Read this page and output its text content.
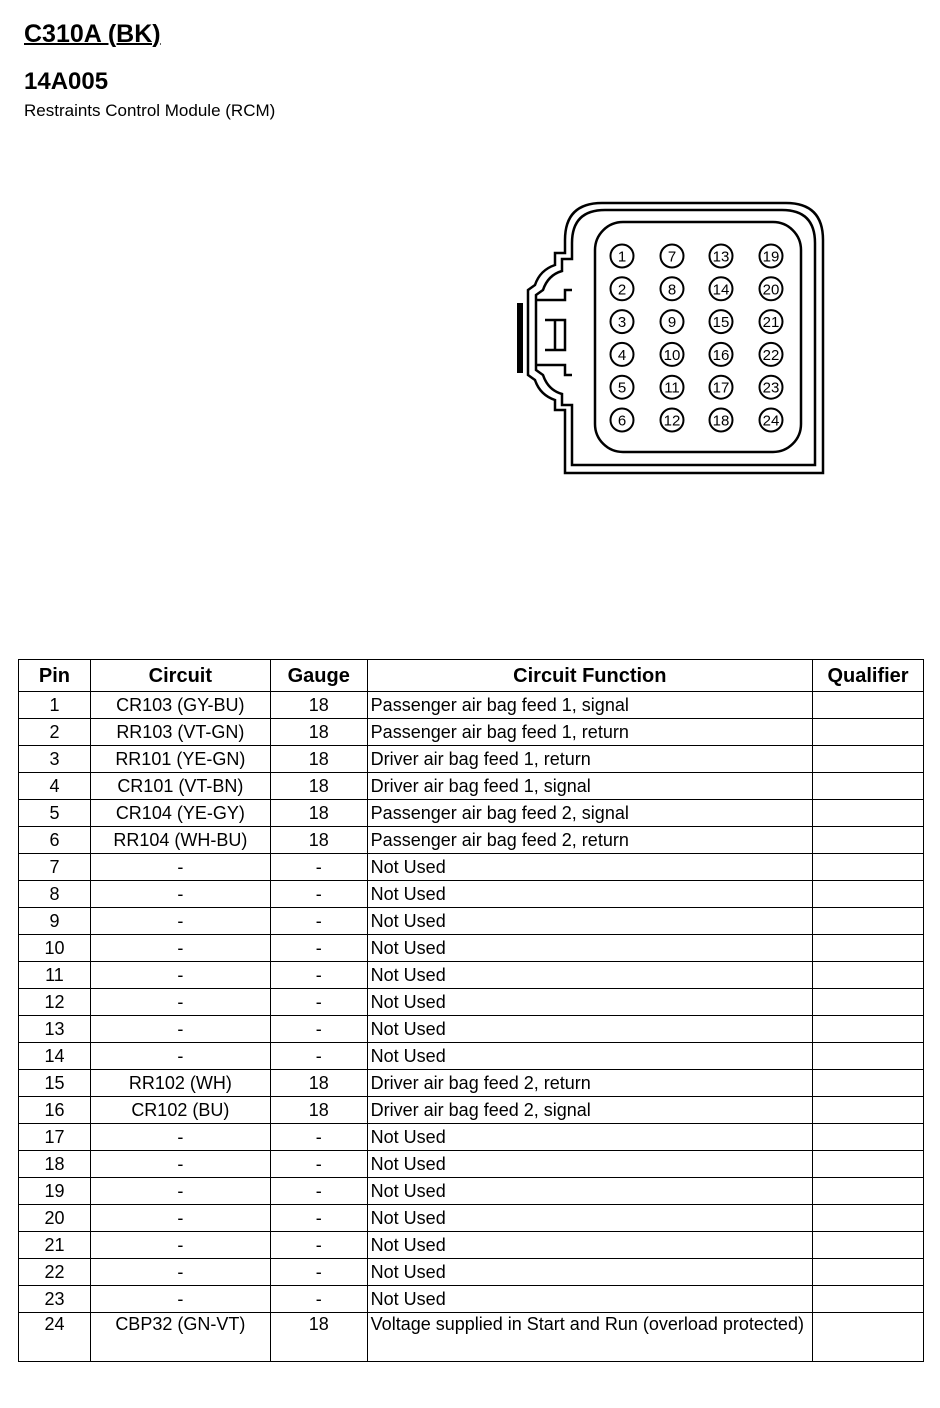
C310A (BK)
14A005
Restraints Control Module (RCM)
1
2
3
4
5
6
7
8
9
10
11
12
13
14
15
16
17
18
19
20
21
22
23
24
Pin	Circuit	Gauge	Circuit Function	Qualifier
1	CR103 (GY-BU)	18	Passenger air bag feed 1, signal	
2	RR103 (VT-GN)	18	Passenger air bag feed 1, return	
3	RR101 (YE-GN)	18	Driver air bag feed 1, return	
4	CR101 (VT-BN)	18	Driver air bag feed 1, signal	
5	CR104 (YE-GY)	18	Passenger air bag feed 2, signal	
6	RR104 (WH-BU)	18	Passenger air bag feed 2, return	
7	-	-	Not Used	
8	-	-	Not Used	
9	-	-	Not Used	
10	-	-	Not Used	
11	-	-	Not Used	
12	-	-	Not Used	
13	-	-	Not Used	
14	-	-	Not Used	
15	RR102 (WH)	18	Driver air bag feed 2, return	
16	CR102 (BU)	18	Driver air bag feed 2, signal	
17	-	-	Not Used	
18	-	-	Not Used	
19	-	-	Not Used	
20	-	-	Not Used	
21	-	-	Not Used	
22	-	-	Not Used	
23	-	-	Not Used	
24	CBP32 (GN-VT)	18	Voltage supplied in Start and Run (overload protected)	
